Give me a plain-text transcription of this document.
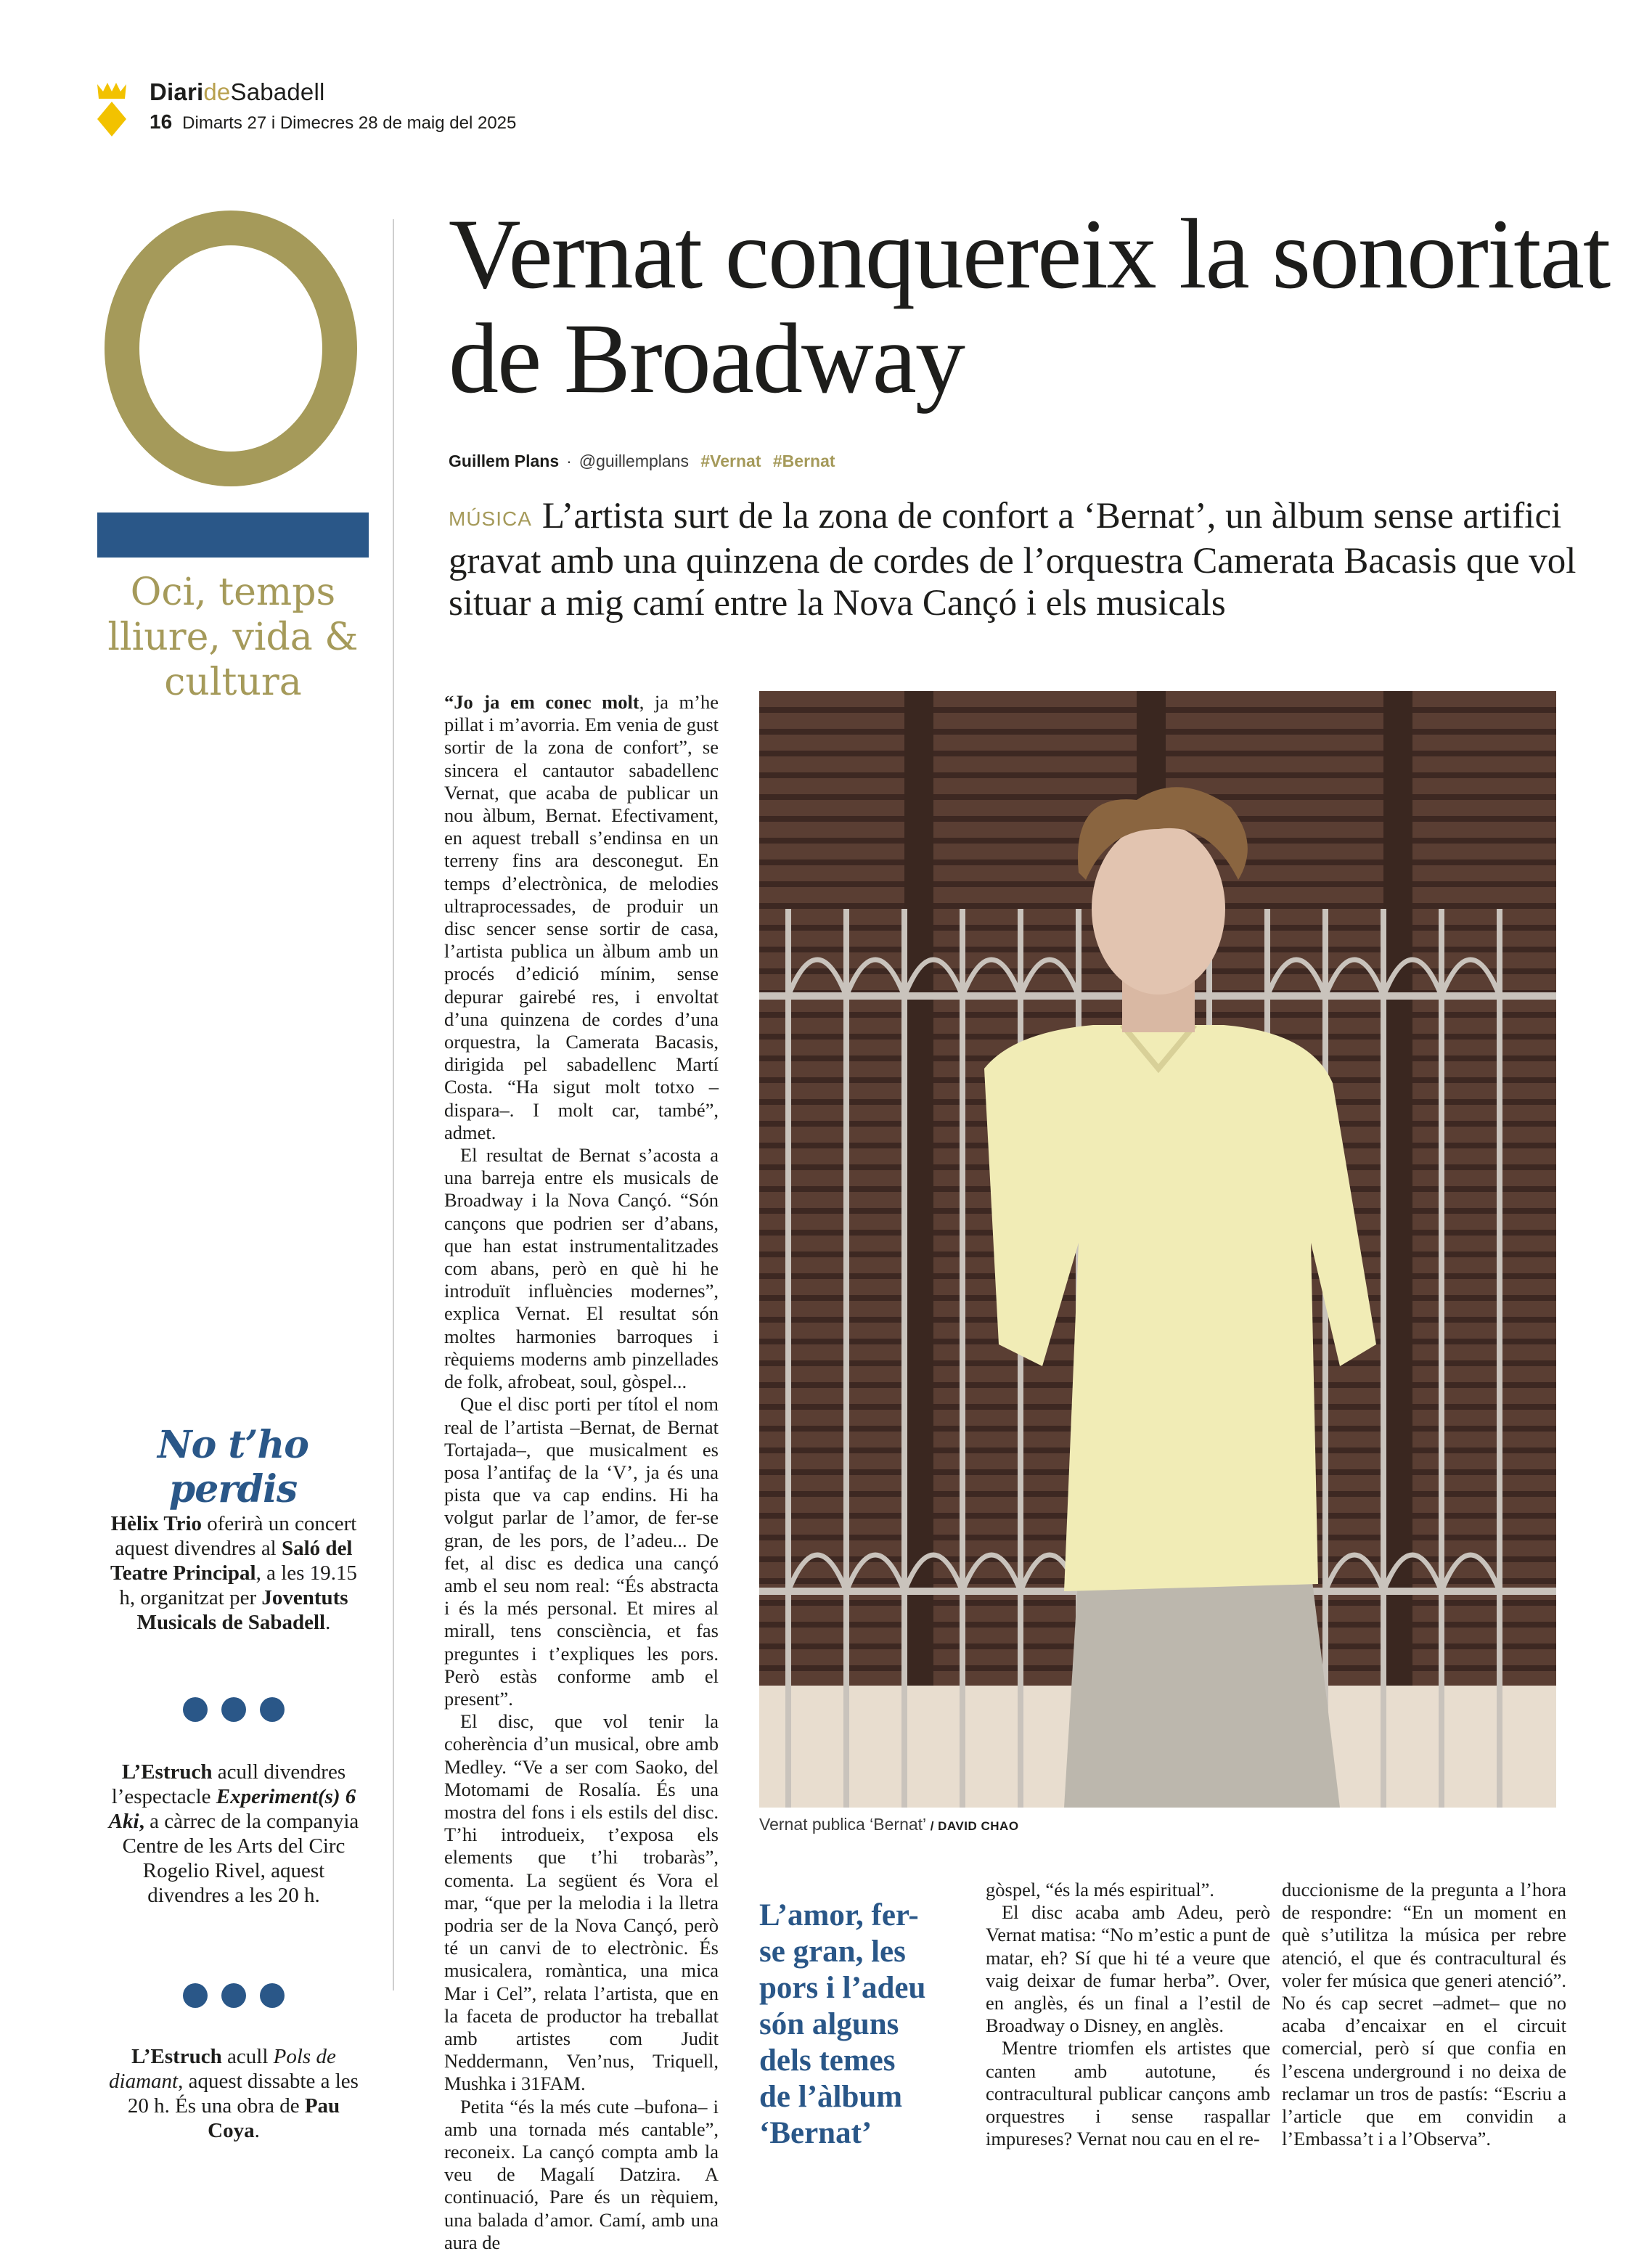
DiarideSabadell
16 Dimarts 27 i Dimecres 28 de maig del 2025
Oci, temps lliure, vida & cultura
Vernat conquereix la sonoritat de Broadway
Guillem Plans · @guillemplans #Vernat #Bernat
MÚSICA L’artista surt de la zona de confort a ‘Bernat’, un àlbum sense artifici gravat amb una quinzena de cordes de l’orquestra Camerata Bacasis que vol situar a mig camí entre la Nova Cançó i els musicals

“Jo ja em conec molt, ja m’he pillat i m’avorria. Em venia de gust sortir de la zona de confort”, se sincera el cantautor sabadellenc Vernat, que acaba de publicar un nou àlbum, Bernat. Efectivament, en aquest treball s’endinsa en un terreny fins ara desconegut. En temps d’electrònica, de melodies ultraprocessades, de produir un disc sencer sense sortir de casa, l’artista publica un àlbum amb un procés d’edició mínim, sense depurar gairebé res, i envoltat d’una quinzena de cordes d’una orquestra, la Camerata Bacasis, dirigida pel sabadellenc Martí Costa. “Ha sigut molt totxo –dispara–. I molt car, també”, admet.

El resultat de Bernat s’acosta a una barreja entre els musicals de Broadway i la Nova Cançó. “Són cançons que podrien ser d’abans, que han estat instrumentalitzades com abans, però en què hi he introduït influències modernes”, explica Vernat. El resultat són moltes harmonies barroques i rèquiems moderns amb pinzellades de folk, afrobeat, soul, gòspel...

Que el disc porti per títol el nom real de l’artista –Bernat, de Bernat Tortajada–, que musicalment es posa l’antifaç de la ‘V’, ja és una pista que va cap endins. Hi ha volgut parlar de l’amor, de fer-se gran, de les pors, de l’adeu... De fet, al disc es dedica una cançó amb el seu nom real: “És abstracta i és la més personal. Et mires al mirall, tens consciència, et fas preguntes i t’expliques les pors. Però estàs conforme amb el present”.

El disc, que vol tenir la coherència d’un musical, obre amb Medley. “Ve a ser com Saoko, del Motomami de Rosalía. És una mostra del fons i els estils del disc. T’hi introdueix, t’exposa els elements que t’hi trobaràs”, comenta. La següent és Vora el mar, “que per la melodia i la lletra podria ser de la Nova Cançó, però té un canvi de to electrònic. És musicalera, romàntica, una mica Mar i Cel”, relata l’artista, que en la faceta de productor ha treballat amb artistes com Judit Neddermann, Ven’nus, Triquell, Mushka i 31FAM.

Petita “és la més cute –bufona– i amb una tornada més cantable”, reconeix. La cançó compta amb la veu de Magalí Datzira. A continuació, Pare és un rèquiem, una balada d’amor. Camí, amb una aura de

Vernat publica ‘Bernat’ / DAVID CHAO
L’amor, fer-se gran, les pors i l’adeu són alguns dels temes de l’àlbum ‘Bernat’

gòspel, “és la més espiritual”.

El disc acaba amb Adeu, però Vernat matisa: “No m’estic a punt de matar, eh? Sí que hi té a veure que vaig deixar de fumar herba”. Over, en anglès, és un final a l’estil de Broadway o Disney, en anglès.

Mentre triomfen els artistes que canten amb autotune, és contracultural publicar cançons amb orquestres i sense raspallar impureses? Vernat nou cau en el re-

duccionisme de la pregunta a l’hora de respondre: “En un moment en què s’utilitza la música per rebre atenció, el que és contracultural és voler fer música que generi atenció”. No és cap secret –admet– que no acaba d’encaixar en el circuit comercial, però sí que confia en l’escena underground i no deixa de reclamar un tros de pastís: “Escriu a l’article que em convidin a l’Embassa’t i a l’Observa”.

No t’ho perdis
Hèlix Trio oferirà un concert aquest divendres al Saló del Teatre Principal, a les 19.15 h, organitzat per Joventuts Musicals de Sabadell.
L’Estruch acull divendres l’espectacle Experiment(s) 6 Aki, a càrrec de la companyia Centre de les Arts del Circ Rogelio Rivel, aquest divendres a les 20 h.
L’Estruch acull Pols de diamant, aquest dissabte a les 20 h. És una obra de Pau Coya.
